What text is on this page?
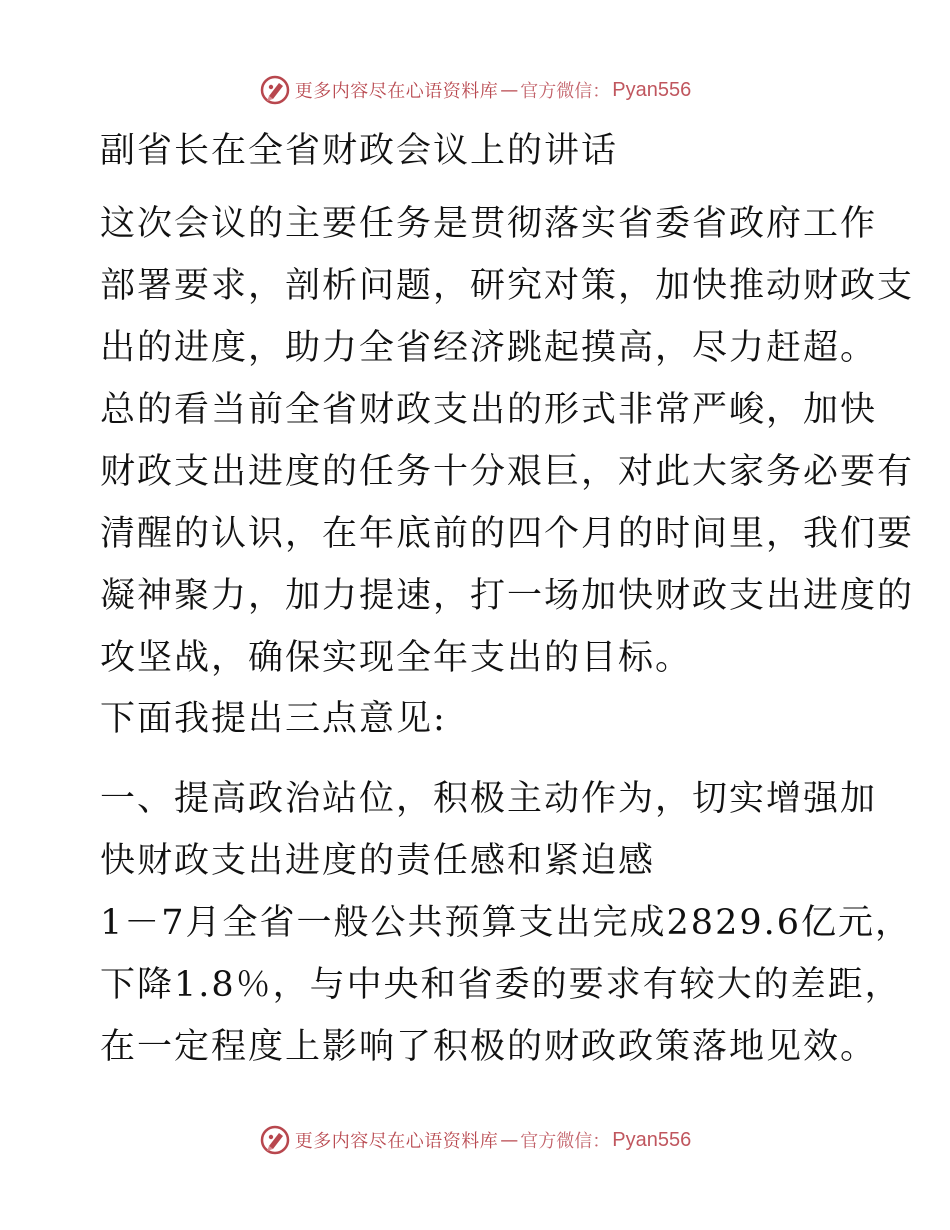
更多内容尽在心语资料库 — 官方微信： Pyan556
副省长在全省财政会议上的讲话

这次会议的主要任务是贯彻落实省委省政府工作
部署要求，剖析问题，研究对策，加快推动财政支
出的进度，助力全省经济跳起摸高，尽力赶超。

总的看当前全省财政支出的形式非常严峻，加快
财政支出进度的任务十分艰巨，对此大家务必要有
清醒的认识，在年底前的四个月的时间里，我们要
凝神聚力，加力提速，打一场加快财政支出进度的
攻坚战，确保实现全年支出的目标。

下面我提出三点意见:

一、提高政治站位，积极主动作为，切实增强加
快财政支出进度的责任感和紧迫感

1－7月全省一般公共预算支出完成2829.6亿元，
下降1.8％，与中央和省委的要求有较大的差距，
在一定程度上影响了积极的财政政策落地见效。

更多内容尽在心语资料库 — 官方微信： Pyan556
